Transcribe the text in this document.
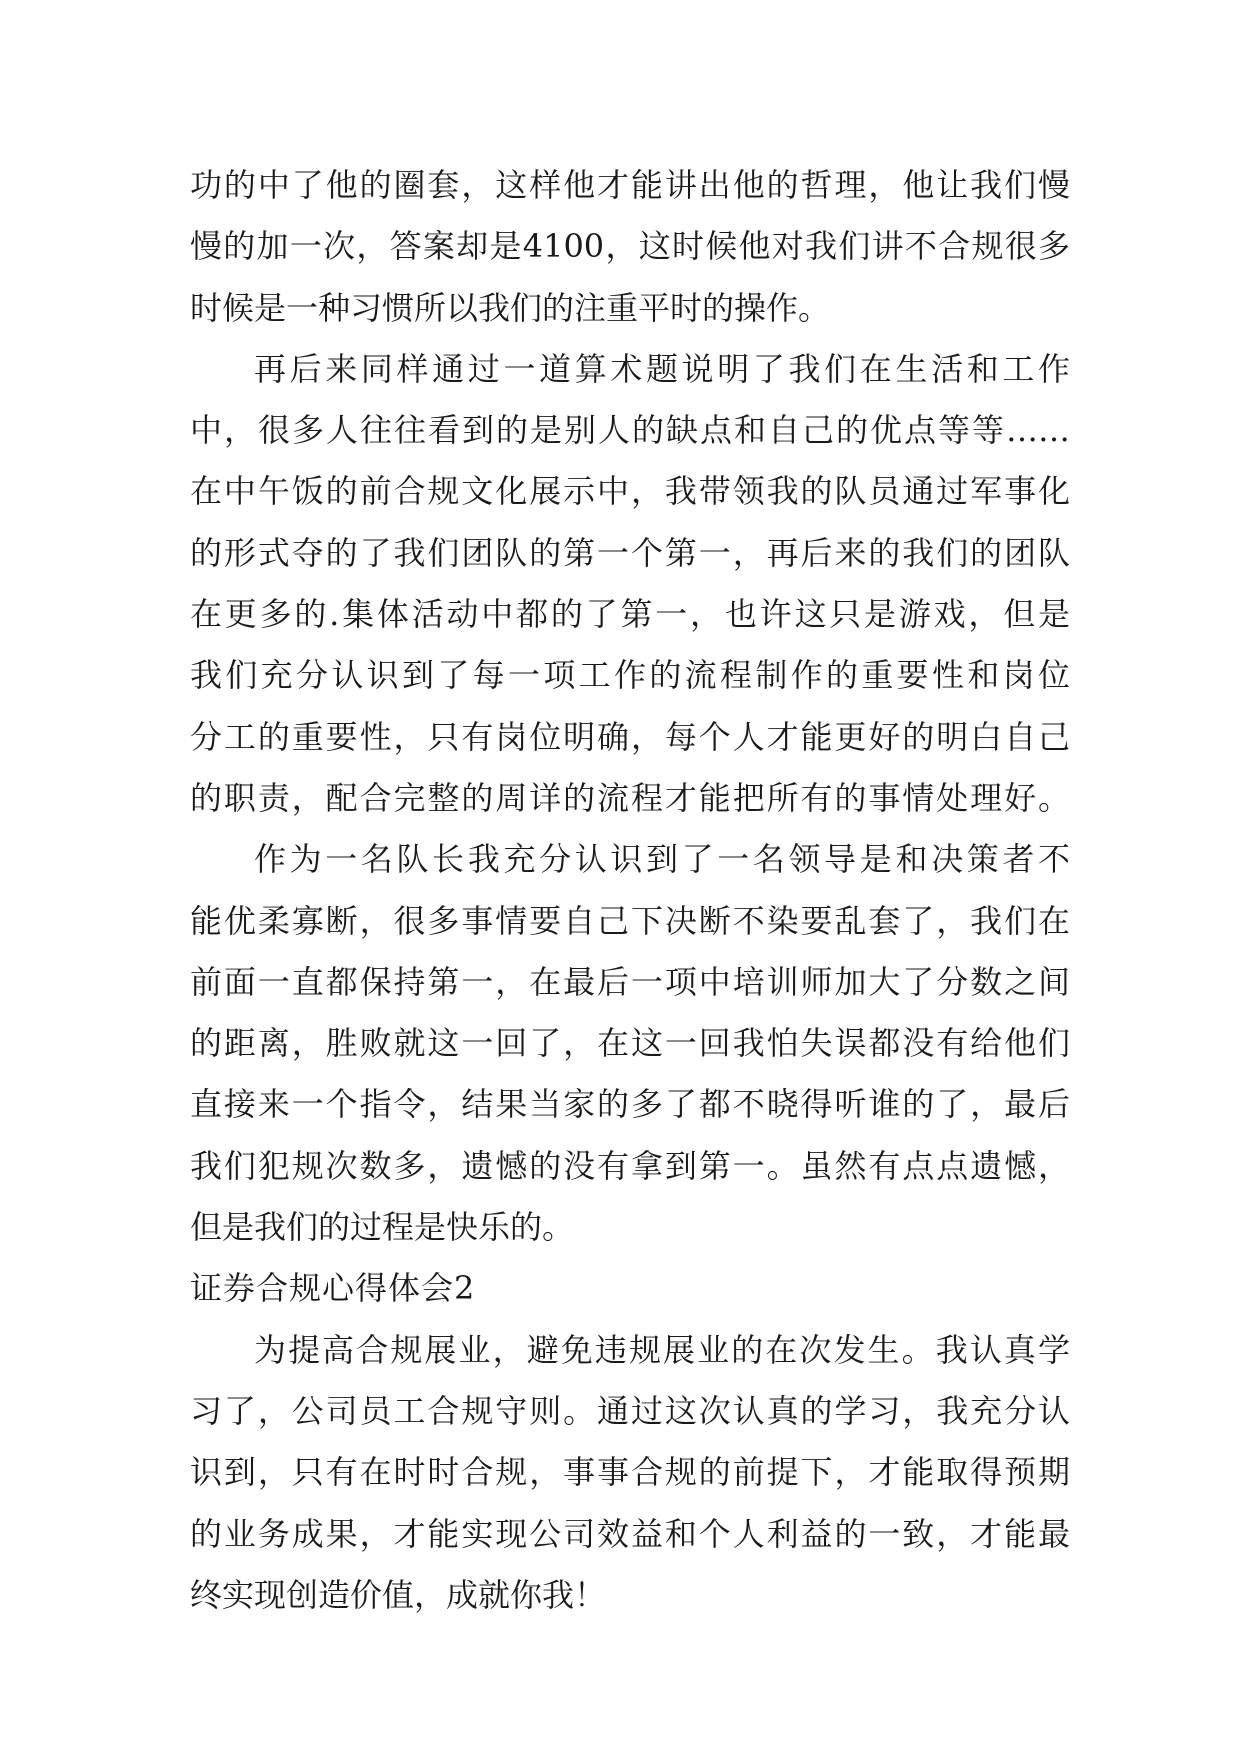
功的中了他的圈套，这样他才能讲出他的哲理，他让我们慢
慢的加一次，答案却是4100，这时候他对我们讲不合规很多
时候是一种习惯所以我们的注重平时的操作。
再后来同样通过一道算术题说明了我们在生活和工作
中，很多人往往看到的是别人的缺点和自己的优点等等……
在中午饭的前合规文化展示中，我带领我的队员通过军事化
的形式夺的了我们团队的第一个第一，再后来的我们的团队
在更多的.集体活动中都的了第一，也许这只是游戏，但是
我们充分认识到了每一项工作的流程制作的重要性和岗位
分工的重要性，只有岗位明确，每个人才能更好的明白自己
的职责，配合完整的周详的流程才能把所有的事情处理好。
作为一名队长我充分认识到了一名领导是和决策者不
能优柔寡断，很多事情要自己下决断不染要乱套了，我们在
前面一直都保持第一，在最后一项中培训师加大了分数之间
的距离，胜败就这一回了，在这一回我怕失误都没有给他们
直接来一个指令，结果当家的多了都不晓得听谁的了，最后
我们犯规次数多，遗憾的没有拿到第一。虽然有点点遗憾，
但是我们的过程是快乐的。
证券合规心得体会2
为提高合规展业，避免违规展业的在次发生。我认真学
习了，公司员工合规守则。通过这次认真的学习，我充分认
识到，只有在时时合规，事事合规的前提下，才能取得预期
的业务成果，才能实现公司效益和个人利益的一致，才能最
终实现创造价值，成就你我！
